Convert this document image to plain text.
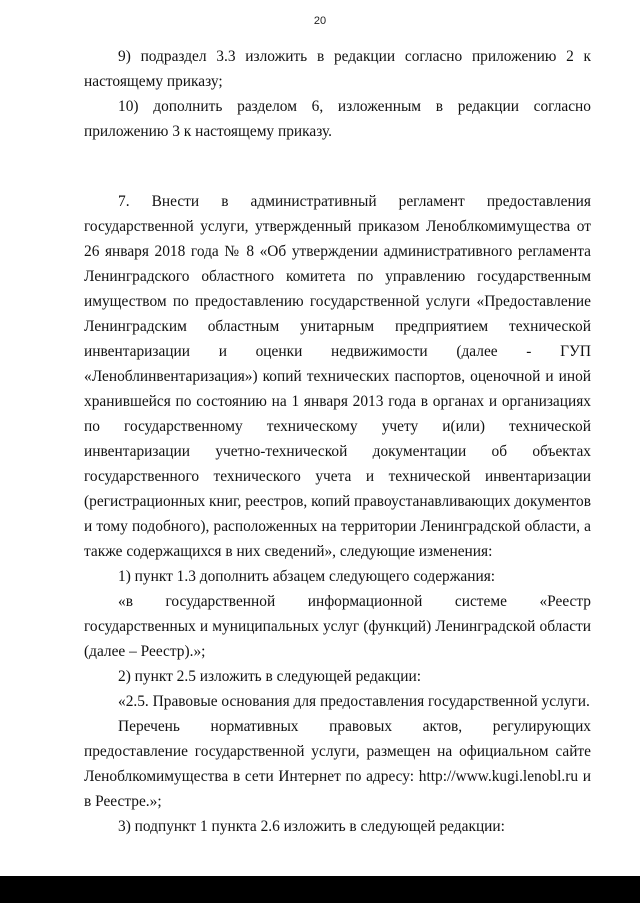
20

9) подраздел 3.3 изложить в редакции согласно приложению 2 к настоящему приказу;

10) дополнить разделом 6, изложенным в редакции согласно приложению 3 к настоящему приказу.

7. Внести в административный регламент предоставления государственной услуги, утвержденный приказом Леноблкомимущества от 26 января 2018 года № 8 «Об утверждении административного регламента Ленинградского областного комитета по управлению государственным имуществом по предоставлению государственной услуги «Предоставление Ленинградским областным унитарным предприятием технической инвентаризации и оценки недвижимости (далее - ГУП «Леноблинвентаризация») копий технических паспортов, оценочной и иной хранившейся по состоянию на 1 января 2013 года в органах и организациях по государственному техническому учету и(или) технической инвентаризации учетно-технической документации об объектах государственного технического учета и технической инвентаризации (регистрационных книг, реестров, копий правоустанавливающих документов и тому подобного), расположенных на территории Ленинградской области, а также содержащихся в них сведений», следующие изменения:

1) пункт 1.3 дополнить абзацем следующего содержания:

«в государственной информационной системе «Реестр государственных и муниципальных услуг (функций) Ленинградской области (далее – Реестр).»;

2) пункт 2.5 изложить в следующей редакции:

«2.5. Правовые основания для предоставления государственной услуги.

Перечень нормативных правовых актов, регулирующих предоставление государственной услуги, размещен на официальном сайте Леноблкомимущества в сети Интернет по адресу: http://www.kugi.lenobl.ru и в Реестре.»;

3) подпункт 1 пункта 2.6 изложить в следующей редакции:
